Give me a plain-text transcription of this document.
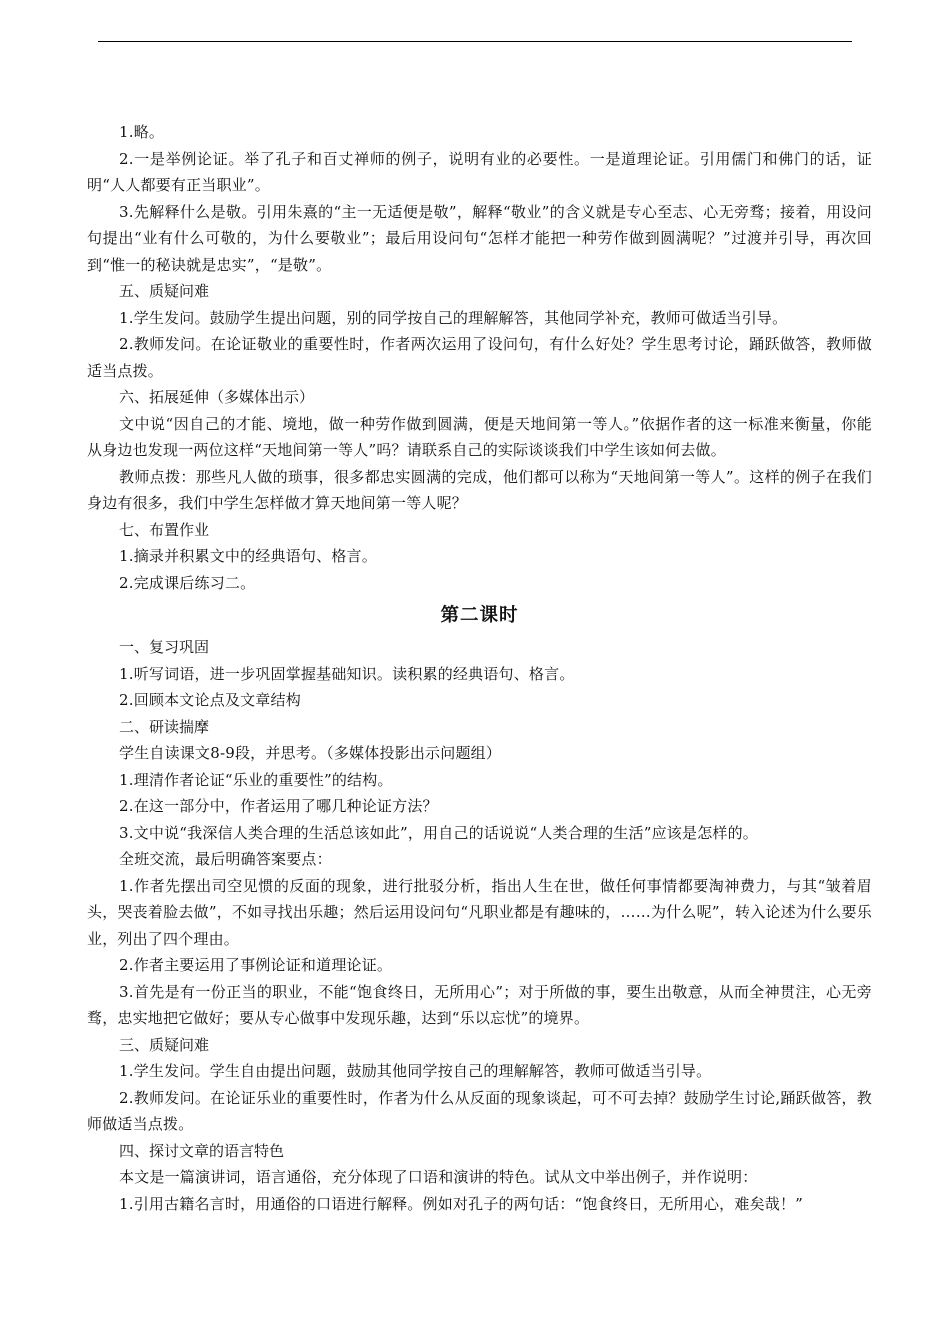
1.略。

2.一是举例论证。举了孔子和百丈禅师的例子，说明有业的必要性。一是道理论证。引用儒门和佛门的话，证明“人人都要有正当职业”。

3.先解释什么是敬。引用朱熹的“主一无适便是敬”，解释“敬业”的含义就是专心至志、心无旁骛；接着，用设问句提出“业有什么可敬的，为什么要敬业”；最后用设问句“怎样才能把一种劳作做到圆满呢？”过渡并引导，再次回到“惟一的秘诀就是忠实”，“是敬”。

五、质疑问难

1.学生发问。鼓励学生提出问题，别的同学按自己的理解解答，其他同学补充，教师可做适当引导。

2.教师发问。在论证敬业的重要性时，作者两次运用了设问句，有什么好处？学生思考讨论，踊跃做答，教师做适当点拨。

六、拓展延伸（多媒体出示）

文中说“因自己的才能、境地，做一种劳作做到圆满，便是天地间第一等人。”依据作者的这一标准来衡量，你能从身边也发现一两位这样“天地间第一等人”吗？请联系自己的实际谈谈我们中学生该如何去做。

教师点拨：那些凡人做的琐事，很多都忠实圆满的完成，他们都可以称为“天地间第一等人”。这样的例子在我们身边有很多，我们中学生怎样做才算天地间第一等人呢？

七、布置作业

1.摘录并积累文中的经典语句、格言。

2.完成课后练习二。

第二课时

一、复习巩固

1.听写词语，进一步巩固掌握基础知识。读积累的经典语句、格言。

2.回顾本文论点及文章结构

二、研读揣摩

学生自读课文8-9段，并思考。（多媒体投影出示问题组）

1.理清作者论证“乐业的重要性”的结构。

2.在这一部分中，作者运用了哪几种论证方法？

3.文中说“我深信人类合理的生活总该如此”，用自己的话说说“人类合理的生活”应该是怎样的。

全班交流，最后明确答案要点：

1.作者先摆出司空见惯的反面的现象，进行批驳分析，指出人生在世，做任何事情都要淘神费力，与其“皱着眉头，哭丧着脸去做”，不如寻找出乐趣；然后运用设问句“凡职业都是有趣味的，……为什么呢”，转入论述为什么要乐业，列出了四个理由。

2.作者主要运用了事例论证和道理论证。

3.首先是有一份正当的职业，不能“饱食终日，无所用心”；对于所做的事，要生出敬意，从而全神贯注，心无旁骛，忠实地把它做好；要从专心做事中发现乐趣，达到“乐以忘忧”的境界。

三、质疑问难

1.学生发问。学生自由提出问题，鼓励其他同学按自己的理解解答，教师可做适当引导。

2.教师发问。在论证乐业的重要性时，作者为什么从反面的现象谈起，可不可去掉？鼓励学生讨论,踊跃做答，教师做适当点拨。

四、探讨文章的语言特色

本文是一篇演讲词，语言通俗，充分体现了口语和演讲的特色。试从文中举出例子，并作说明：

1.引用古籍名言时，用通俗的口语进行解释。例如对孔子的两句话：“饱食终日，无所用心，难矣哉！”
